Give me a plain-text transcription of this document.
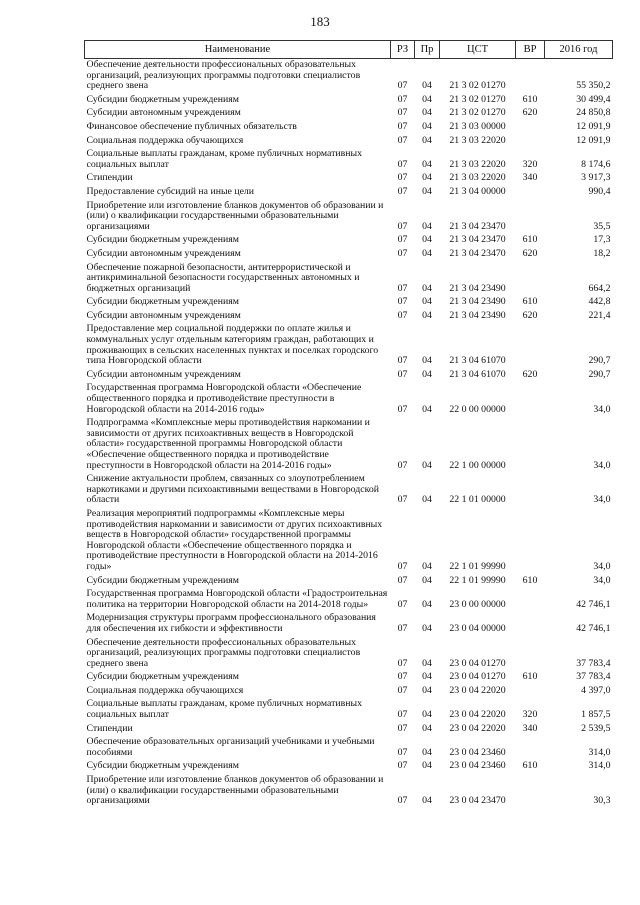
183
Наименование	РЗ	Пр	ЦСТ	ВР	2016 год
Обеспечение деятельности профессиональных образовательных организаций, реализующих программы подготовки специалистов среднего звена	07	04	21 3 02 01270		55 350,2
Субсидии бюджетным учреждениям	07	04	21 3 02 01270	610	30 499,4
Субсидии автономным учреждениям	07	04	21 3 02 01270	620	24 850,8
Финансовое обеспечение публичных обязательств	07	04	21 3 03 00000		12 091,9
Социальная поддержка обучающихся	07	04	21 3 03 22020		12 091,9
Социальные выплаты гражданам, кроме публичных нормативных социальных выплат	07	04	21 3 03 22020	320	8 174,6
Стипендии	07	04	21 3 03 22020	340	3 917,3
Предоставление субсидий на иные цели	07	04	21 3 04 00000		990,4
Приобретение или изготовление бланков документов об образовании и (или) о квалификации государственными образовательными организациями	07	04	21 3 04 23470		35,5
Субсидии бюджетным учреждениям	07	04	21 3 04 23470	610	17,3
Субсидии автономным учреждениям	07	04	21 3 04 23470	620	18,2
Обеспечение пожарной безопасности, антитеррористической и антикриминальной безопасности государственных автономных и бюджетных организаций	07	04	21 3 04 23490		664,2
Субсидии бюджетным учреждениям	07	04	21 3 04 23490	610	442,8
Субсидии автономным учреждениям	07	04	21 3 04 23490	620	221,4
Предоставление мер социальной поддержки по оплате жилья и коммунальных услуг отдельным категориям граждан, работающих и проживающих в сельских населенных пунктах и поселках городского типа Новгородской области	07	04	21 3 04 61070		290,7
Субсидии автономным учреждениям	07	04	21 3 04 61070	620	290,7
Государственная программа Новгородской области «Обеспечение общественного порядка и противодействие преступности в Новгородской области на 2014-2016 годы»	07	04	22 0 00 00000		34,0
Подпрограмма «Комплексные меры противодействия наркомании и зависимости от других психоактивных веществ в Новгородской области» государственной программы Новгородской области «Обеспечение общественного порядка и противодействие преступности в Новгородской области на 2014-2016 годы»	07	04	22 1 00 00000		34,0
Снижение актуальности проблем, связанных со злоупотреблением наркотиками и другими психоактивными веществами в Новгородской области	07	04	22 1 01 00000		34,0
Реализация мероприятий подпрограммы «Комплексные меры противодействия наркомании и зависимости от других психоактивных веществ в Новгородской области» государственной программы Новгородской области «Обеспечение общественного порядка и противодействие преступности в Новгородской области на 2014-2016 годы»	07	04	22 1 01 99990		34,0
Субсидии бюджетным учреждениям	07	04	22 1 01 99990	610	34,0
Государственная программа Новгородской области «Градостроительная политика на территории Новгородской области на 2014-2018 годы»	07	04	23 0 00 00000		42 746,1
Модернизация структуры программ профессионального образования для обеспечения их гибкости и эффективности	07	04	23 0 04 00000		42 746,1
Обеспечение деятельности профессиональных образовательных организаций, реализующих программы подготовки специалистов среднего звена	07	04	23 0 04 01270		37 783,4
Субсидии бюджетным учреждениям	07	04	23 0 04 01270	610	37 783,4
Социальная поддержка обучающихся	07	04	23 0 04 22020		4 397,0
Социальные выплаты гражданам, кроме публичных нормативных социальных выплат	07	04	23 0 04 22020	320	1 857,5
Стипендии	07	04	23 0 04 22020	340	2 539,5
Обеспечение образовательных организаций учебниками и учебными пособиями	07	04	23 0 04 23460		314,0
Субсидии бюджетным учреждениям	07	04	23 0 04 23460	610	314,0
Приобретение или изготовление бланков документов об образовании и (или) о квалификации государственными образовательными организациями	07	04	23 0 04 23470		30,3
